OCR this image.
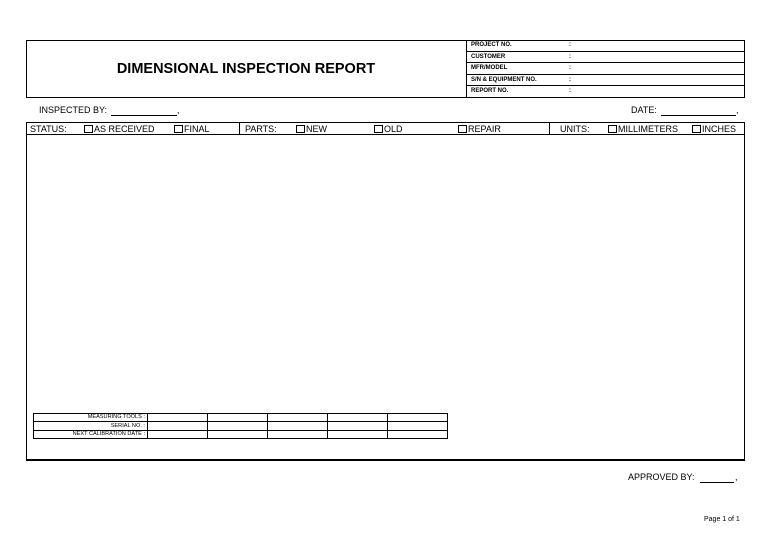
DIMENSIONAL INSPECTION REPORT
PROJECT NO.	:
CUSTOMER	:
MFR/MODEL	:
S/N & EQUIPMENT NO.	:
REPORT NO.	:
INSPECTED BY:	,	DATE:	,
STATUS:	AS RECEIVED	FINAL	PARTS:	NEW	OLD	REPAIR	UNITS:	MILLIMETERS	INCHES
MEASURING TOOLS :					
SERIAL NO. :					
NEXT CALIBRATION DATE :					
APPROVED BY:	,
Page 1 of 1
